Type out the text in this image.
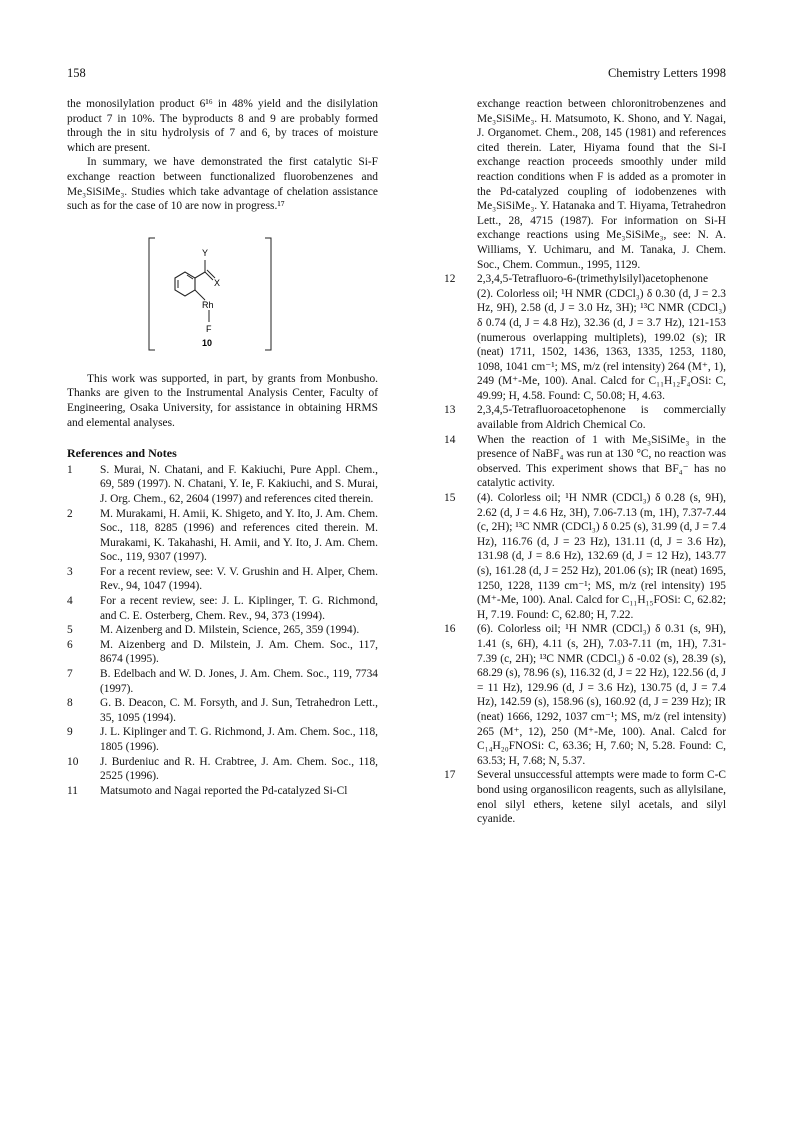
158	Chemistry Letters 1998

the monosilylation product 6¹⁶ in 48% yield and the disilylation product 7 in 10%. The byproducts 8 and 9 are probably formed through the in situ hydrolysis of 7 and 6, by traces of moisture which are present.

In summary, we have demonstrated the first catalytic Si-F exchange reaction between functionalized fluorobenzenes and Me₃SiSiMe₃. Studies which take advantage of chelation assistance such as for the case of 10 are now in progress.¹⁷

Y
X
Rh
F
10

This work was supported, in part, by grants from Monbusho. Thanks are given to the Instrumental Analysis Center, Faculty of Engineering, Osaka University, for assistance in obtaining HRMS and elemental analyses.

References and Notes
1 S. Murai, N. Chatani, and F. Kakiuchi, Pure Appl. Chem., 69, 589 (1997). N. Chatani, Y. Ie, F. Kakiuchi, and S. Murai, J. Org. Chem., 62, 2604 (1997) and references cited therein.
2 M. Murakami, H. Amii, K. Shigeto, and Y. Ito, J. Am. Chem. Soc., 118, 8285 (1996) and references cited therein. M. Murakami, K. Takahashi, H. Amii, and Y. Ito, J. Am. Chem. Soc., 119, 9307 (1997).
3 For a recent review, see: V. V. Grushin and H. Alper, Chem. Rev., 94, 1047 (1994).
4 For a recent review, see: J. L. Kiplinger, T. G. Richmond, and C. E. Osterberg, Chem. Rev., 94, 373 (1994).
5 M. Aizenberg and D. Milstein, Science, 265, 359 (1994).
6 M. Aizenberg and D. Milstein, J. Am. Chem. Soc., 117, 8674 (1995).
7 B. Edelbach and W. D. Jones, J. Am. Chem. Soc., 119, 7734 (1997).
8 G. B. Deacon, C. M. Forsyth, and J. Sun, Tetrahedron Lett., 35, 1095 (1994).
9 J. L. Kiplinger and T. G. Richmond, J. Am. Chem. Soc., 118, 1805 (1996).
10 J. Burdeniuc and R. H. Crabtree, J. Am. Chem. Soc., 118, 2525 (1996).
11 Matsumoto and Nagai reported the Pd-catalyzed Si-Cl
exchange reaction between chloronitrobenzenes and Me₃SiSiMe₃. H. Matsumoto, K. Shono, and Y. Nagai, J. Organomet. Chem., 208, 145 (1981) and references cited therein. Later, Hiyama found that the Si-I exchange reaction proceeds smoothly under mild reaction conditions when F is added as a promoter in the Pd-catalyzed coupling of iodobenzenes with Me₃SiSiMe₃. Y. Hatanaka and T. Hiyama, Tetrahedron Lett., 28, 4715 (1987). For information on Si-H exchange reactions using Me₃SiSiMe₃, see: N. A. Williams, Y. Uchimaru, and M. Tanaka, J. Chem. Soc., Chem. Commun., 1995, 1129.
12 2,3,4,5-Tetrafluoro-6-(trimethylsilyl)acetophenone (2). Colorless oil; ¹H NMR (CDCl₃) δ 0.30 (d, J = 2.3 Hz, 9H), 2.58 (d, J = 3.0 Hz, 3H); ¹³C NMR (CDCl₃) δ 0.74 (d, J = 4.8 Hz), 32.36 (d, J = 3.7 Hz), 121-153 (numerous overlapping multiplets), 199.02 (s); IR (neat) 1711, 1502, 1436, 1363, 1335, 1253, 1180, 1098, 1041 cm⁻¹; MS, m/z (rel intensity) 264 (M⁺, 1), 249 (M⁺-Me, 100). Anal. Calcd for C₁₁H₁₂F₄OSi: C, 49.99; H, 4.58. Found: C, 50.08; H, 4.63.
13 2,3,4,5-Tetrafluoroacetophenone is commercially available from Aldrich Chemical Co.
14 When the reaction of 1 with Me₃SiSiMe₃ in the presence of NaBF₄ was run at 130 °C, no reaction was observed. This experiment shows that BF₄⁻ has no catalytic activity.
15 (4). Colorless oil; ¹H NMR (CDCl₃) δ 0.28 (s, 9H), 2.62 (d, J = 4.6 Hz, 3H), 7.06-7.13 (m, 1H), 7.37-7.44 (c, 2H); ¹³C NMR (CDCl₃) δ 0.25 (s), 31.99 (d, J = 7.4 Hz), 116.76 (d, J = 23 Hz), 131.11 (d, J = 3.6 Hz), 131.98 (d, J = 8.6 Hz), 132.69 (d, J = 12 Hz), 143.77 (s), 161.28 (d, J = 252 Hz), 201.06 (s); IR (neat) 1695, 1250, 1228, 1139 cm⁻¹; MS, m/z (rel intensity) 195 (M⁺-Me, 100). Anal. Calcd for C₁₁H₁₅FOSi: C, 62.82; H, 7.19. Found: C, 62.80; H, 7.22.
16 (6). Colorless oil; ¹H NMR (CDCl₃) δ 0.31 (s, 9H), 1.41 (s, 6H), 4.11 (s, 2H), 7.03-7.11 (m, 1H), 7.31-7.39 (c, 2H); ¹³C NMR (CDCl₃) δ -0.02 (s), 28.39 (s), 68.29 (s), 78.96 (s), 116.32 (d, J = 22 Hz), 122.56 (d, J = 11 Hz), 129.96 (d, J = 3.6 Hz), 130.75 (d, J = 7.4 Hz), 142.59 (s), 158.96 (s), 160.92 (d, J = 239 Hz); IR (neat) 1666, 1292, 1037 cm⁻¹; MS, m/z (rel intensity) 265 (M⁺, 12), 250 (M⁺-Me, 100). Anal. Calcd for C₁₄H₂₀FNOSi: C, 63.36; H, 7.60; N, 5.28. Found: C, 63.53; H, 7.68; N, 5.37.
17 Several unsuccessful attempts were made to form C-C bond using organosilicon reagents, such as allylsilane, enol silyl ethers, ketene silyl acetals, and silyl cyanide.
